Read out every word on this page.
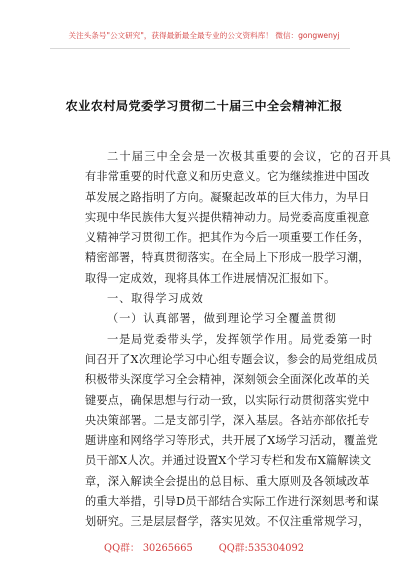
关注头条号"公文研究"，获得最新最全最专业的公文资料库！ 微信：gongwenyj
农业农村局党委学习贯彻二十届三中全会精神汇报
二十届三中全会是一次极其重要的会议，它的召开具
有非常重要的时代意义和历史意义。它为继续推进中国改
革发展之路指明了方向。凝聚起改革的巨大伟力，为早日
实现中华民族伟大复兴提供精神动力。局党委高度重视意
义精神学习贯彻工作。把其作为今后一项重要工作任务，
精密部署，特真贯彻落实。在全局上下形成一股学习潮，
取得一定成效，现将具体工作进展情况汇报如下。
一、取得学习成效
（一）认真部署，做到理论学习全覆盖贯彻
一是局党委带头学，发挥领学作用。局党委第一时
间召开了X次理论学习中心组专题会议，参会的局党组成员
积极带头深度学习全会精神，深刻领会全面深化改革的关
键要点，确保思想与行动一致，以实际行动贯彻落实党中
央决策部署。二是支部引学，深入基层。各站亦部依托专
题讲座和网络学习等形式，共开展了X场学习活动，覆盖党
员干部X人次。并通过设置X个学习专栏和发布X篇解读文
章，深入解读全会提出的总目标、重大原则及各领域改革
的重大举措，引导D员干部结合实际工作进行深刻思考和谋
划研究。三是层层督学，落实见效。不仅注重常规学习，
QQ群： 30265665	QQ群:535304092
